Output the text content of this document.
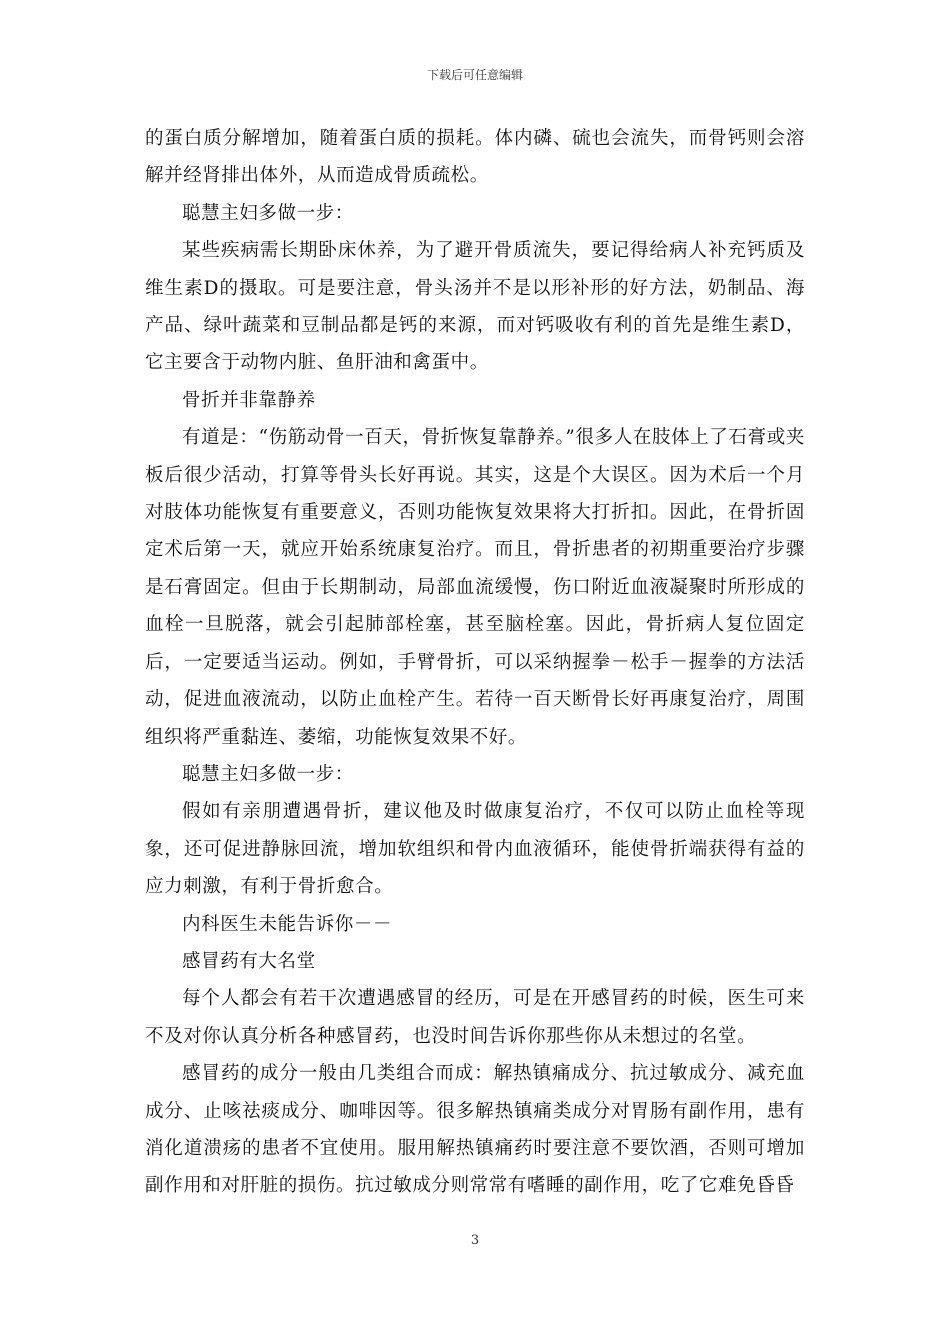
下载后可任意编辑

的蛋白质分解增加，随着蛋白质的损耗。体内磷、硫也会流失，而骨钙则会溶解并经肾排出体外，从而造成骨质疏松。

聪慧主妇多做一步：

某些疾病需长期卧床休养，为了避开骨质流失，要记得给病人补充钙质及维生素D的摄取。可是要注意，骨头汤并不是以形补形的好方法，奶制品、海产品、绿叶蔬菜和豆制品都是钙的来源，而对钙吸收有利的首先是维生素D，它主要含于动物内脏、鱼肝油和禽蛋中。

骨折并非靠静养

有道是：“伤筋动骨一百天，骨折恢复靠静养。”很多人在肢体上了石膏或夹板后很少活动，打算等骨头长好再说。其实，这是个大误区。因为术后一个月对肢体功能恢复有重要意义，否则功能恢复效果将大打折扣。因此，在骨折固定术后第一天，就应开始系统康复治疗。而且，骨折患者的初期重要治疗步骤是石膏固定。但由于长期制动，局部血流缓慢，伤口附近血液凝聚时所形成的血栓一旦脱落，就会引起肺部栓塞，甚至脑栓塞。因此，骨折病人复位固定后，一定要适当运动。例如，手臂骨折，可以采纳握拳－松手－握拳的方法活动，促进血液流动，以防止血栓产生。若待一百天断骨长好再康复治疗，周围组织将严重黏连、萎缩，功能恢复效果不好。

聪慧主妇多做一步：

假如有亲朋遭遇骨折，建议他及时做康复治疗，不仅可以防止血栓等现象，还可促进静脉回流，增加软组织和骨内血液循环，能使骨折端获得有益的应力刺激，有利于骨折愈合。

内科医生未能告诉你－－

感冒药有大名堂

每个人都会有若干次遭遇感冒的经历，可是在开感冒药的时候，医生可来不及对你认真分析各种感冒药，也没时间告诉你那些你从未想过的名堂。

感冒药的成分一般由几类组合而成：解热镇痛成分、抗过敏成分、减充血成分、止咳祛痰成分、咖啡因等。很多解热镇痛类成分对胃肠有副作用，患有消化道溃疡的患者不宜使用。服用解热镇痛药时要注意不要饮酒，否则可增加副作用和对肝脏的损伤。抗过敏成分则常常有嗜睡的副作用，吃了它难免昏昏

3
